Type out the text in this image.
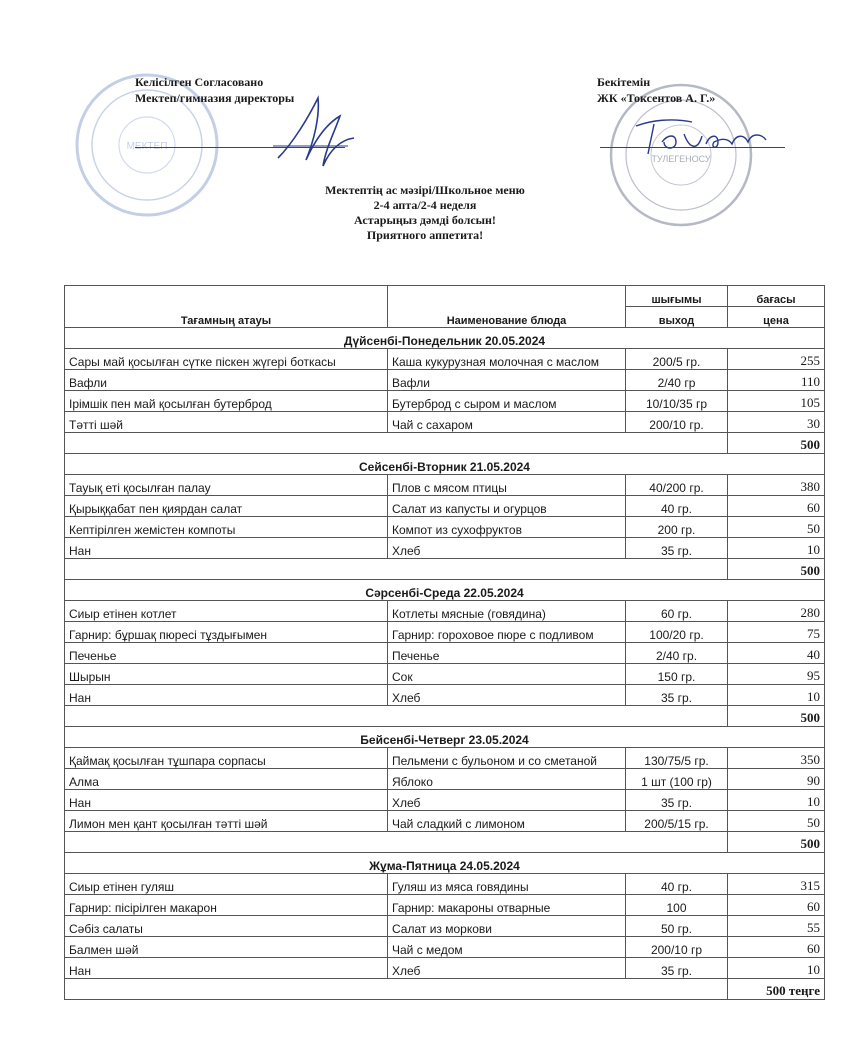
МЕКТЕП
ТУЛЕГЕНОСУ
Келісілген Согласовано
Мектеп/гимназия директоры
Бекітемін
ЖК «Токсентов А. Г.»
Мектептің ас мәзірі/Школьное меню
2-4 апта/2-4 неделя
Астарыңыз дәмді болсын!
Приятного аппетита!
Тағамның атауы	Наименование блюда	шығымы	бағасы
		выход	цена
Дүйсенбі-Понедельник 20.05.2024			
Сары май қосылған сүтке піскен жүгері боткасы	Каша кукурузная молочная с маслом	200/5 гр.	255
Вафли	Вафли	2/40 гр	110
Ірімшік пен май қосылған бутерброд	Бутерброд с сыром и маслом	10/10/35 гр	105
Тәтті шәй	Чай с сахаром	200/10 гр.	30
			500
Сейсенбі-Вторник 21.05.2024			
Тауық еті қосылған палау	Плов с мясом птицы	40/200 гр.	380
Қырыққабат пен қиярдан салат	Салат из капусты и огурцов	40 гр.	60
Кептірілген жемістен компоты	Компот из сухофруктов	200 гр.	50
Нан	Хлеб	35 гр.	10
			500
Сәрсенбі-Среда 22.05.2024			
Сиыр етінен котлет	Котлеты мясные (говядина)	60 гр.	280
Гарнир: бұршақ пюресі тұздығымен	Гарнир: гороховое пюре с подливом	100/20 гр.	75
Печенье	Печенье	2/40 гр.	40
Шырын	Сок	150 гр.	95
Нан	Хлеб	35 гр.	10
			500
Бейсенбі-Четверг 23.05.2024			
Қаймақ қосылған тұшпара сорпасы	Пельмени с бульоном и со сметаной	130/75/5 гр.	350
Алма	Яблоко	1 шт (100 гр)	90
Нан	Хлеб	35 гр.	10
Лимон мен қант қосылған тәтті шәй	Чай сладкий с лимоном	200/5/15 гр.	50
			500
Жұма-Пятница 24.05.2024			
Сиыр етінен гуляш	Гуляш из мяса говядины	40 гр.	315
Гарнир: пісірілген макарон	Гарнир: макароны отварные	100	60
Сәбіз салаты	Салат из моркови	50 гр.	55
Балмен шәй	Чай с медом	200/10 гр	60
Нан	Хлеб	35 гр.	10
			500 теңге
